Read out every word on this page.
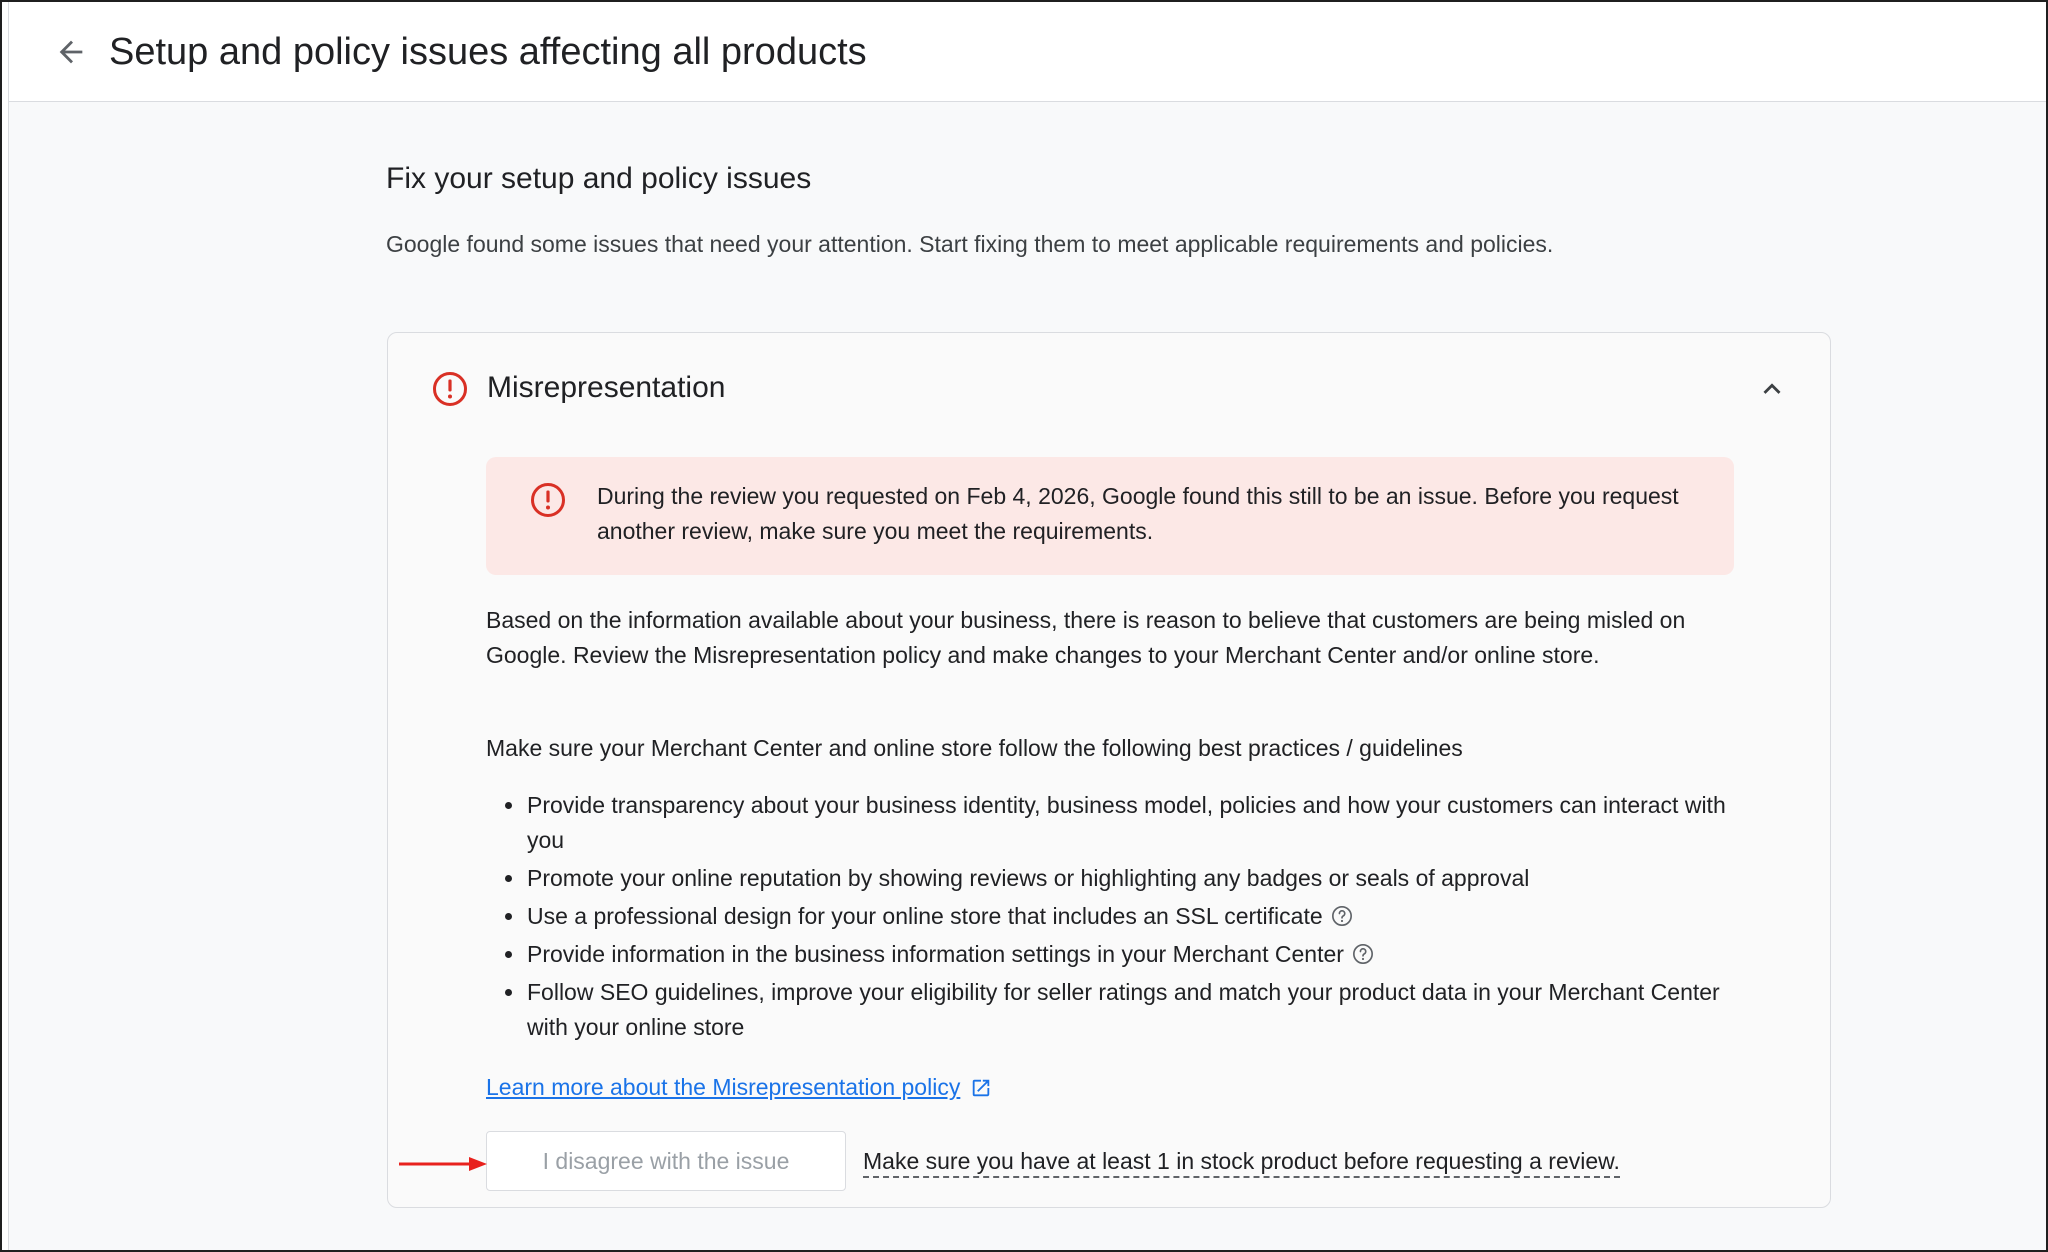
Setup and policy issues affecting all products
Fix your setup and policy issues
Google found some issues that need your attention. Start fixing them to meet applicable requirements and policies.
Misrepresentation
During the review you requested on Feb 4, 2026, Google found this still to be an issue. Before you request another review, make sure you meet the requirements.
Based on the information available about your business, there is reason to believe that customers are being misled on Google. Review the Misrepresentation policy and make changes to your Merchant Center and/or online store.
Make sure your Merchant Center and online store follow the following best practices / guidelines
Provide transparency about your business identity, business model, policies and how your customers can interact with you
Promote your online reputation by showing reviews or highlighting any badges or seals of approval
Use a professional design for your online store that includes an SSL certificate
Provide information in the business information settings in your Merchant Center
Follow SEO guidelines, improve your eligibility for seller ratings and match your product data in your Merchant Center with your online store
Learn more about the Misrepresentation policy
I disagree with the issue	Make sure you have at least 1 in stock product before requesting a review.
